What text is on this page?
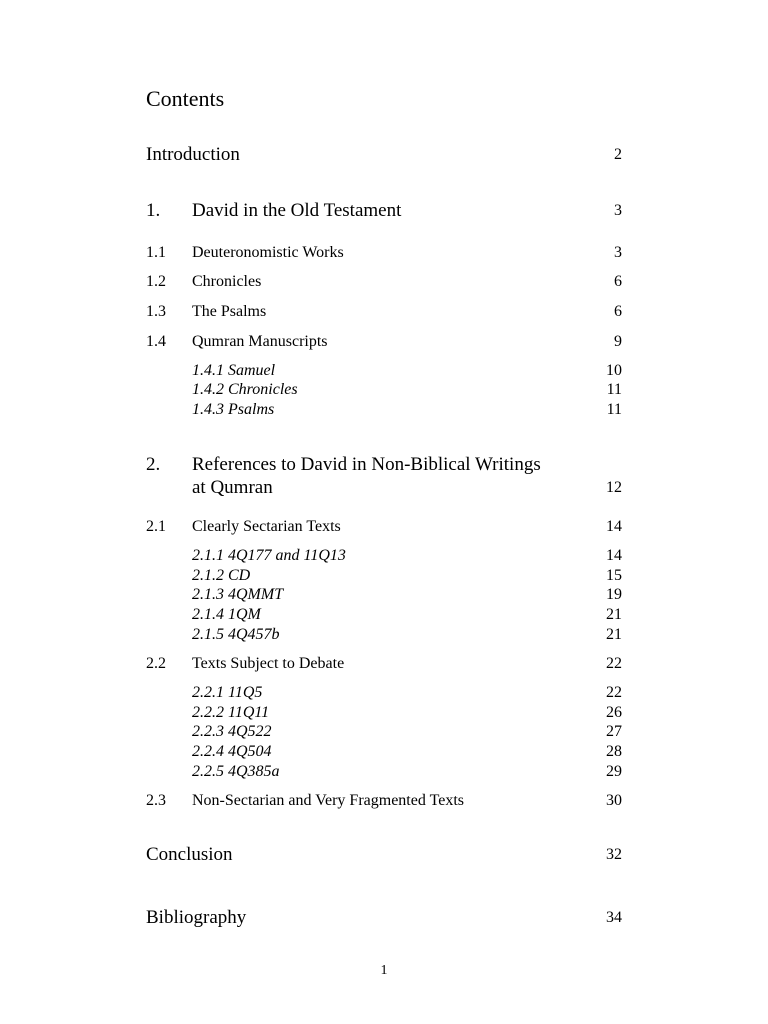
Contents
Introduction	2
1. David in the Old Testament	3
1.1 Deuteronomistic Works	3
1.2 Chronicles	6
1.3 The Psalms	6
1.4 Qumran Manuscripts	9
1.4.1 Samuel	10
1.4.2 Chronicles	11
1.4.3 Psalms	11
2. References to David in Non-Biblical Writings
at Qumran	12
2.1 Clearly Sectarian Texts	14
2.1.1 4Q177 and 11Q13	14
2.1.2 CD	15
2.1.3 4QMMT	19
2.1.4 1QM	21
2.1.5 4Q457b	21
2.2 Texts Subject to Debate	22
2.2.1 11Q5	22
2.2.2 11Q11	26
2.2.3 4Q522	27
2.2.4 4Q504	28
2.2.5 4Q385a	29
2.3 Non-Sectarian and Very Fragmented Texts	30
Conclusion	32
Bibliography	34
1
